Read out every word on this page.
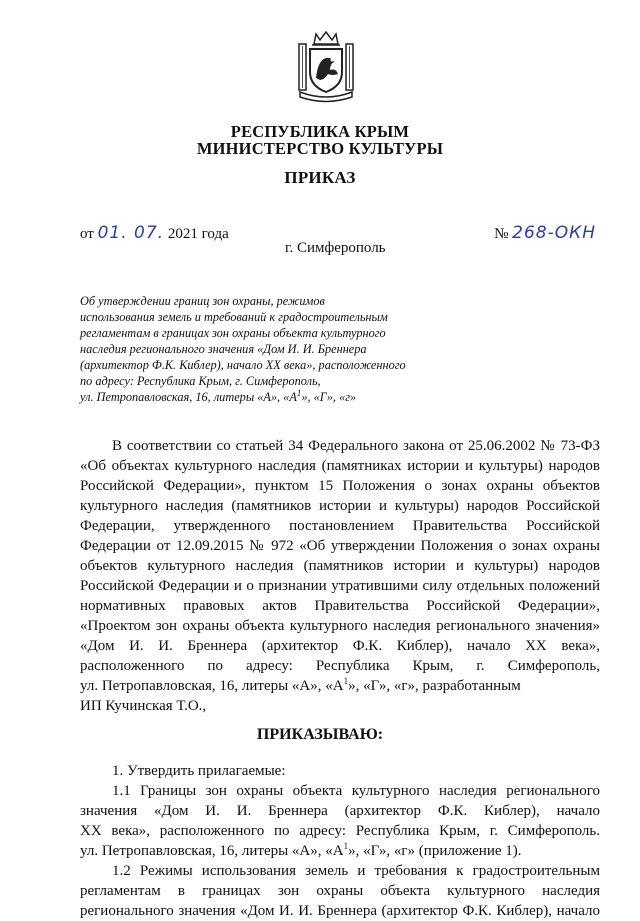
РЕСПУБЛИКА КРЫМ
МИНИСТЕРСТВО КУЛЬТУРЫ
ПРИКАЗ
от 01. 07. 2021 года	№ 268-ОКН
г. Симферополь
Об утверждении границ зон охраны, режимов
использования земель и требований к градостроительным
регламентам в границах зон охраны объекта культурного
наследия регионального значения «Дом И. И. Бреннера
(архитектор Ф.К. Киблер), начало XX века», расположенного
по адресу: Республика Крым, г. Симферополь,
ул. Петропавловская, 16, литеры «А», «$А^1$», «Г», «г»
В соответствии со статьей 34 Федерального закона от 25.06.2002 № 73-ФЗ
«Об объектах культурного наследия (памятниках истории и культуры) народов
Российской Федерации», пунктом 15 Положения о зонах охраны объектов
культурного наследия (памятников истории и культуры) народов Российской
Федерации, утвержденного постановлением Правительства Российской
Федерации от 12.09.2015 № 972 «Об утверждении Положения о зонах охраны
объектов культурного наследия (памятников истории и культуры) народов
Российской Федерации и о признании утратившими силу отдельных положений
нормативных правовых актов Правительства Российской Федерации»,
«Проектом зон охраны объекта культурного наследия регионального значения»
«Дом И. И. Бреннера (архитектор Ф.К. Киблер), начало XX века»,
расположенного по адресу: Республика Крым, г. Симферополь,
ул. Петропавловская, 16, литеры «А», «$А^1$», «Г», «г», разработанным
ИП Кучинская Т.О.,
ПРИКАЗЫВАЮ:
1. Утвердить прилагаемые:
1.1 Границы зон охраны объекта культурного наследия регионального
значения «Дом И. И. Бреннера (архитектор Ф.К. Киблер), начало
XX века», расположенного по адресу: Республика Крым, г. Симферополь.
ул. Петропавловская, 16, литеры «А», «$А^1$», «Г», «г» (приложение 1).
1.2 Режимы использования земель и требования к градостроительным
регламентам в границах зон охраны объекта культурного наследия
регионального значения «Дом И. И. Бреннера (архитектор Ф.К. Киблер), начало
